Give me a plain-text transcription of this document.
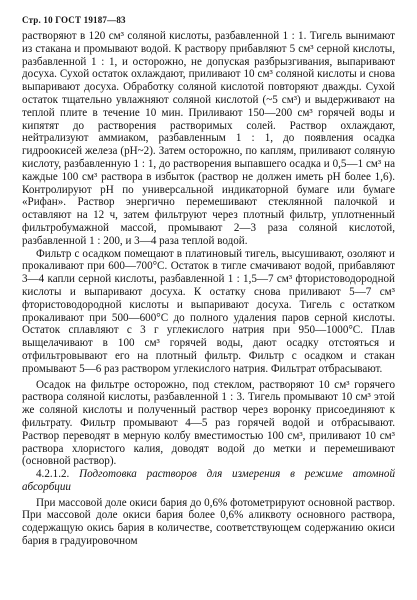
Стр. 10 ГОСТ 19187—83

растворяют в 120 см³ соляной кислоты, разбавленной 1 : 1. Тигель вынимают из стакана и промывают водой. К раствору прибавляют 5 см³ серной кислоты, разбавленной 1 : 1, и осторожно, не допуская разбрызгивания, выпаривают досуха. Сухой остаток охлаждают, приливают 10 см³ соляной кислоты и снова выпаривают досуха. Обработку соляной кислотой повторяют дважды. Сухой остаток тщательно увлажняют соляной кислотой (~5 см³) и выдерживают на теплой плите в течение 10 мин. Приливают 150—200 см³ горячей воды и кипятят до растворения растворимых солей. Раствор охлаждают, нейтрализуют аммиаком, разбавленным 1 : 1, до появления осадка гидроокисей железа (рН~2). Затем осторожно, по каплям, приливают соляную кислоту, разбавленную 1 : 1, до растворения выпавшего осадка и 0,5—1 см³ на каждые 100 см³ раствора в избыток (раствор не должен иметь pH более 1,6). Контролируют рН по универсальной индикаторной бумаге или бумаге «Рифан». Раствор энергично перемешивают стеклянной палочкой и оставляют на 12 ч, затем фильтруют через плотный фильтр, уплотненный фильтробумажной массой, промывают 2—3 раза соляной кислотой, разбавленной 1 : 200, и 3—4 раза теплой водой.

Фильтр с осадком помещают в платиновый тигель, высушивают, озоляют и прокаливают при 600—700°С. Остаток в тигле смачивают водой, прибавляют 3—4 капли серной кислоты, разбавленной 1 : 1,5—7 см³ фтористоводородной кислоты и выпаривают досуха. К остатку снова приливают 5—7 см³ фтористоводородной кислоты и выпаривают досуха. Тигель с остатком прокаливают при 500—600°С до полного удаления паров серной кислоты. Остаток сплавляют с 3 г углекислого натрия при 950—1000°С. Плав выщелачивают в 100 см³ горячей воды, дают осадку отстояться и отфильтровывают его на плотный фильтр. Фильтр с осадком и стакан промывают 5—6 раз раствором углекислого натрия. Фильтрат отбрасывают.

Осадок на фильтре осторожно, под стеклом, растворяют 10 см³ горячего раствора соляной кислоты, разбавленной 1 : 3. Тигель промывают 10 см³ этой же соляной кислоты и полученный раствор через воронку присоединяют к фильтрату. Фильтр промывают 4—5 раз горячей водой и отбрасывают. Раствор переводят в мерную колбу вместимостью 100 см³, приливают 10 см³ раствора хлористого калия, доводят водой до метки и перемешивают (основной раствор).

4.2.1.2. Подготовка растворов для измерения в режиме атомной абсорбции

При массовой доле окиси бария до 0,6% фотометрируют основной раствор. При массовой доле окиси бария более 0,6% аликвоту основного раствора, содержащую окись бария в количестве, соответствующем содержанию окиси бария в градуировочном
